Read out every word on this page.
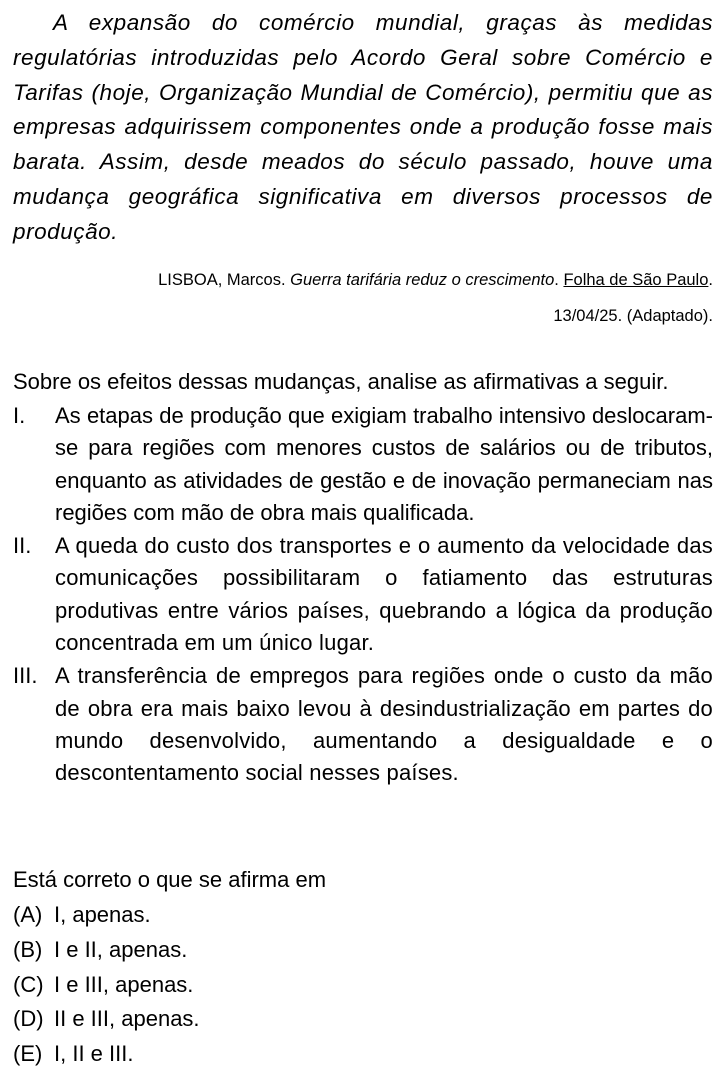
A expansão do comércio mundial, graças às medidas regulatórias introduzidas pelo Acordo Geral sobre Comércio e Tarifas (hoje, Organização Mundial de Comércio), permitiu que as empresas adquirissem componentes onde a produção fosse mais barata. Assim, desde meados do século passado, houve uma mudança geográfica significativa em diversos processos de produção.

LISBOA, Marcos. Guerra tarifária reduz o crescimento. Folha de São Paulo.
13/04/25. (Adaptado).
Sobre os efeitos dessas mudanças, analise as afirmativas a seguir.
I.	As etapas de produção que exigiam trabalho intensivo deslocaram-se para regiões com menores custos de salários ou de tributos, enquanto as atividades de gestão e de inovação permaneciam nas regiões com mão de obra mais qualificada.
II.	A queda do custo dos transportes e o aumento da velocidade das comunicações possibilitaram o fatiamento das estruturas produtivas entre vários países, quebrando a lógica da produção concentrada em um único lugar.
III. A transferência de empregos para regiões onde o custo da mão de obra era mais baixo levou à desindustrialização em partes do mundo desenvolvido, aumentando a desigualdade e o descontentamento social nesses países.
Está correto o que se afirma em
(A) I, apenas.
(B) I e II, apenas.
(C) I e III, apenas.
(D) II e III, apenas.
(E) I, II e III.
